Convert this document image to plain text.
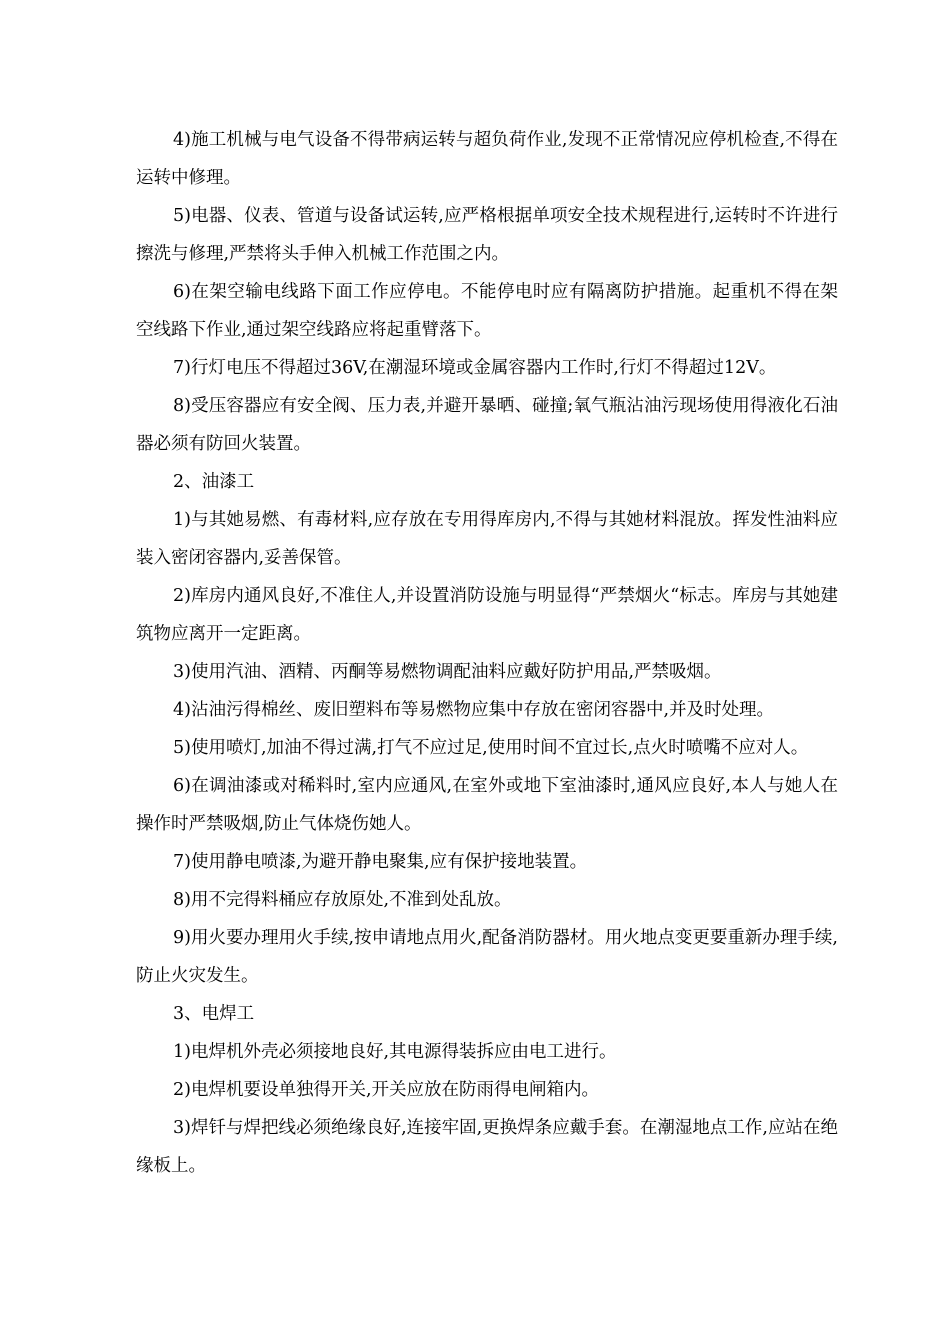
4)施工机械与电气设备不得带病运转与超负荷作业,发现不正常情况应停机检查,不得在运转中修理。

5)电器、仪表、管道与设备试运转,应严格根据单项安全技术规程进行,运转时不许进行擦洗与修理,严禁将头手伸入机械工作范围之内。

6)在架空输电线路下面工作应停电。不能停电时应有隔离防护措施。起重机不得在架空线路下作业,通过架空线路应将起重臂落下。

7)行灯电压不得超过36V,在潮湿环境或金属容器内工作时,行灯不得超过12V。

8)受压容器应有安全阀、压力表,并避开暴晒、碰撞;氧气瓶沾油污现场使用得液化石油器必须有防回火装置。

2、油漆工

1)与其她易燃、有毒材料,应存放在专用得库房内,不得与其她材料混放。挥发性油料应装入密闭容器内,妥善保管。

2)库房内通风良好,不准住人,并设置消防设施与明显得“严禁烟火“标志。库房与其她建筑物应离开一定距离。

3)使用汽油、酒精、丙酮等易燃物调配油料应戴好防护用品,严禁吸烟。

4)沾油污得棉丝、废旧塑料布等易燃物应集中存放在密闭容器中,并及时处理。

5)使用喷灯,加油不得过满,打气不应过足,使用时间不宜过长,点火时喷嘴不应对人。

6)在调油漆或对稀料时,室内应通风,在室外或地下室油漆时,通风应良好,本人与她人在操作时严禁吸烟,防止气体烧伤她人。

7)使用静电喷漆,为避开静电聚集,应有保护接地装置。

8)用不完得料桶应存放原处,不准到处乱放。

9)用火要办理用火手续,按申请地点用火,配备消防器材。用火地点变更要重新办理手续,防止火灾发生。

3、电焊工

1)电焊机外壳必须接地良好,其电源得装拆应由电工进行。

2)电焊机要设单独得开关,开关应放在防雨得电闸箱内。

3)焊钎与焊把线必须绝缘良好,连接牢固,更换焊条应戴手套。在潮湿地点工作,应站在绝缘板上。
